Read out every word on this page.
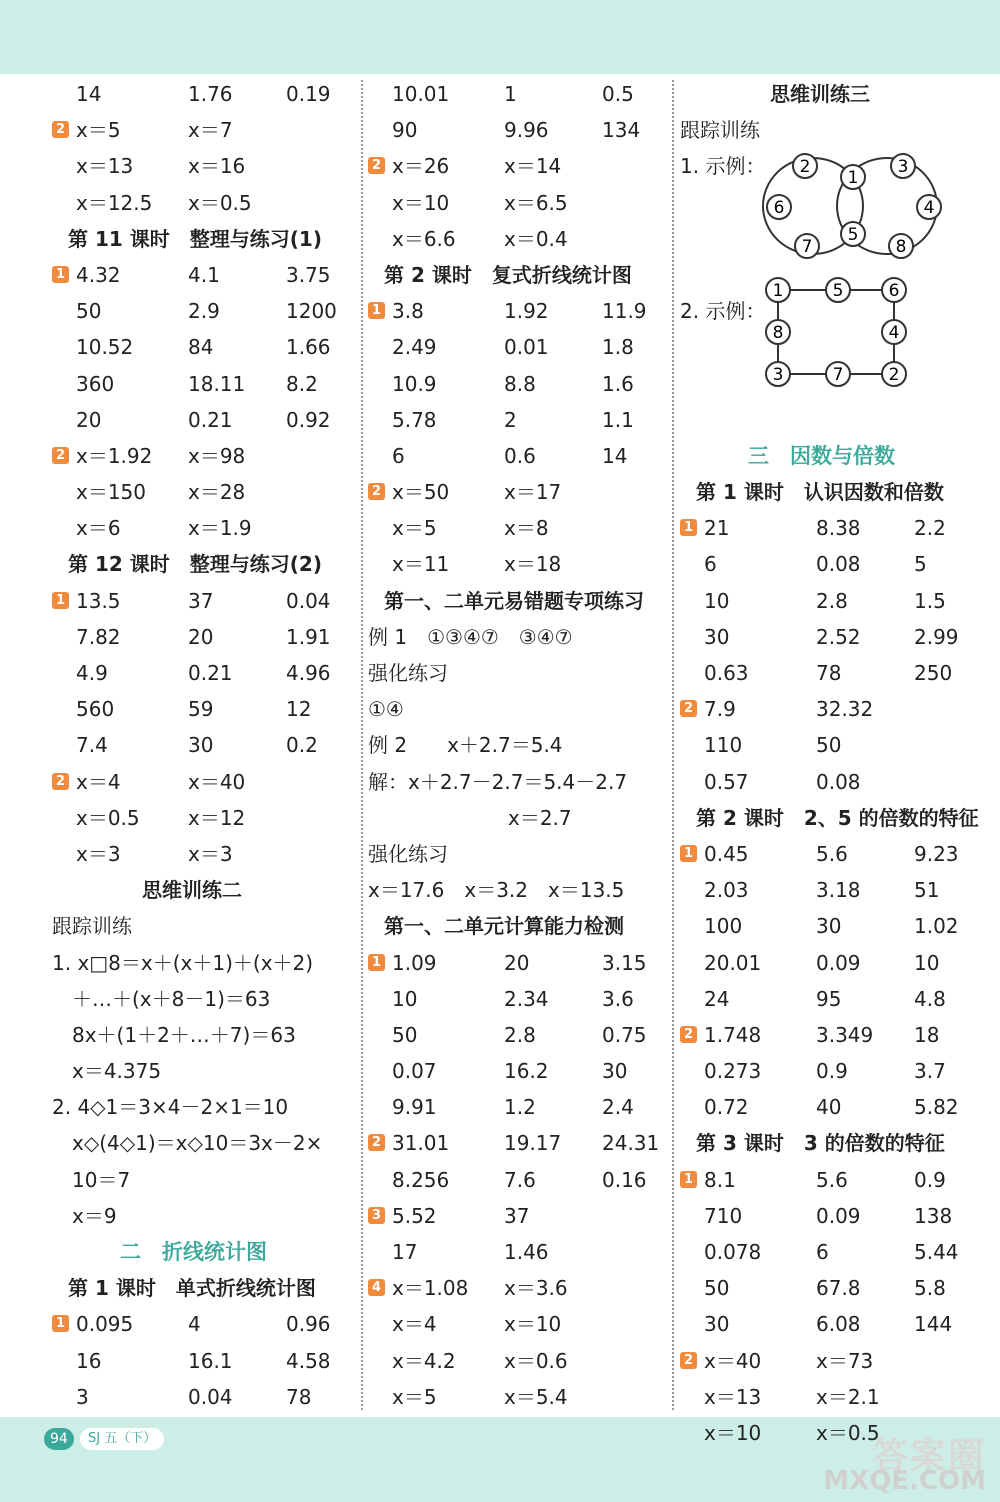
14	1.76	0.19
2 x＝5	x＝7
x＝13	x＝16
x＝12.5 x＝0.5
第 11 课时　整理与练习(1)
1 4.32	4.1	3.75
50	2.9	1200
10.52	84	1.66
360	18.11 8.2
20	0.21	0.92
2 x＝1.92 x＝98
x＝150 x＝28
x＝6	x＝1.9
第 12 课时　整理与练习(2)
1 13.5	37	0.04
7.82	20	1.91
4.9	0.21	4.96
560	59	12
7.4	30	0.2
2 x＝4	x＝40
x＝0.5 x＝12
x＝3	x＝3
思维训练二
跟踪训练
1. x□8＝x＋(x＋1)＋(x＋2)
　＋…＋(x＋8－1)＝63
　8x＋(1＋2＋…＋7)＝63
　x＝4.375
2. 4◇1＝3×4－2×1＝10
　x◇(4◇1)＝x◇10＝3x－2×
　10＝7
　x＝9
二　折线统计图
第 1 课时　单式折线统计图
1 0.095	4	0.96
16	16.1	4.58
3	0.04	78
10.01	1	0.5
90	9.96	134
2 x＝26	x＝14
x＝10	x＝6.5
x＝6.6 x＝0.4
第 2 课时　复式折线统计图
1 3.8	1.92	11.9
2.49	0.01	1.8
10.9	8.8	1.6
5.78	2	1.1
6	0.6	14
2 x＝50	x＝17
x＝5	x＝8
x＝11	x＝18
第一、二单元易错题专项练习
例 1　①③④⑦　③④⑦
强化练习
①④
例 2　　x＋2.7＝5.4
解：x＋2.7－2.7＝5.4－2.7
　　　　　　　x＝2.7
强化练习
x＝17.6　x＝3.2　x＝13.5
第一、二单元计算能力检测
1 1.09	20	3.15
10	2.34	3.6
50	2.8	0.75
0.07	16.2	30
9.91	1.2	2.4
2 31.01	19.17 24.31
8.256	7.6	0.16
3 5.52	37
17	1.46
4 x＝1.08 x＝3.6
x＝4	x＝10
x＝4.2 x＝0.6
x＝5	x＝5.4
思维训练三
跟踪训练
1. 示例：
2. 示例：
三　因数与倍数
第 1 课时　认识因数和倍数
1 21	8.38	2.2
6	0.08	5
10	2.8	1.5
30	2.52	2.99
0.63	78	250
2 7.9	32.32
110	50
0.57	0.08
第 2 课时　2、5 的倍数的特征
1 0.45	5.6	9.23
2.03	3.18	51
100	30	1.02
20.01	0.09	10
24	95	4.8
2 1.748	3.349 18
0.273	0.9	3.7
0.72	40	5.82
第 3 课时　3 的倍数的特征
1 8.1	5.6	0.9
710	0.09	138
0.078	6	5.44
50	67.8	5.8
30	6.08	144
2 x＝40	x＝73
x＝13	x＝2.1
x＝10	x＝0.5
2
1
3
6	4
7
5
8
1	5	6
8	4
3	7	2
94	SJ 五（下）	答案圈
MXQE.COM
